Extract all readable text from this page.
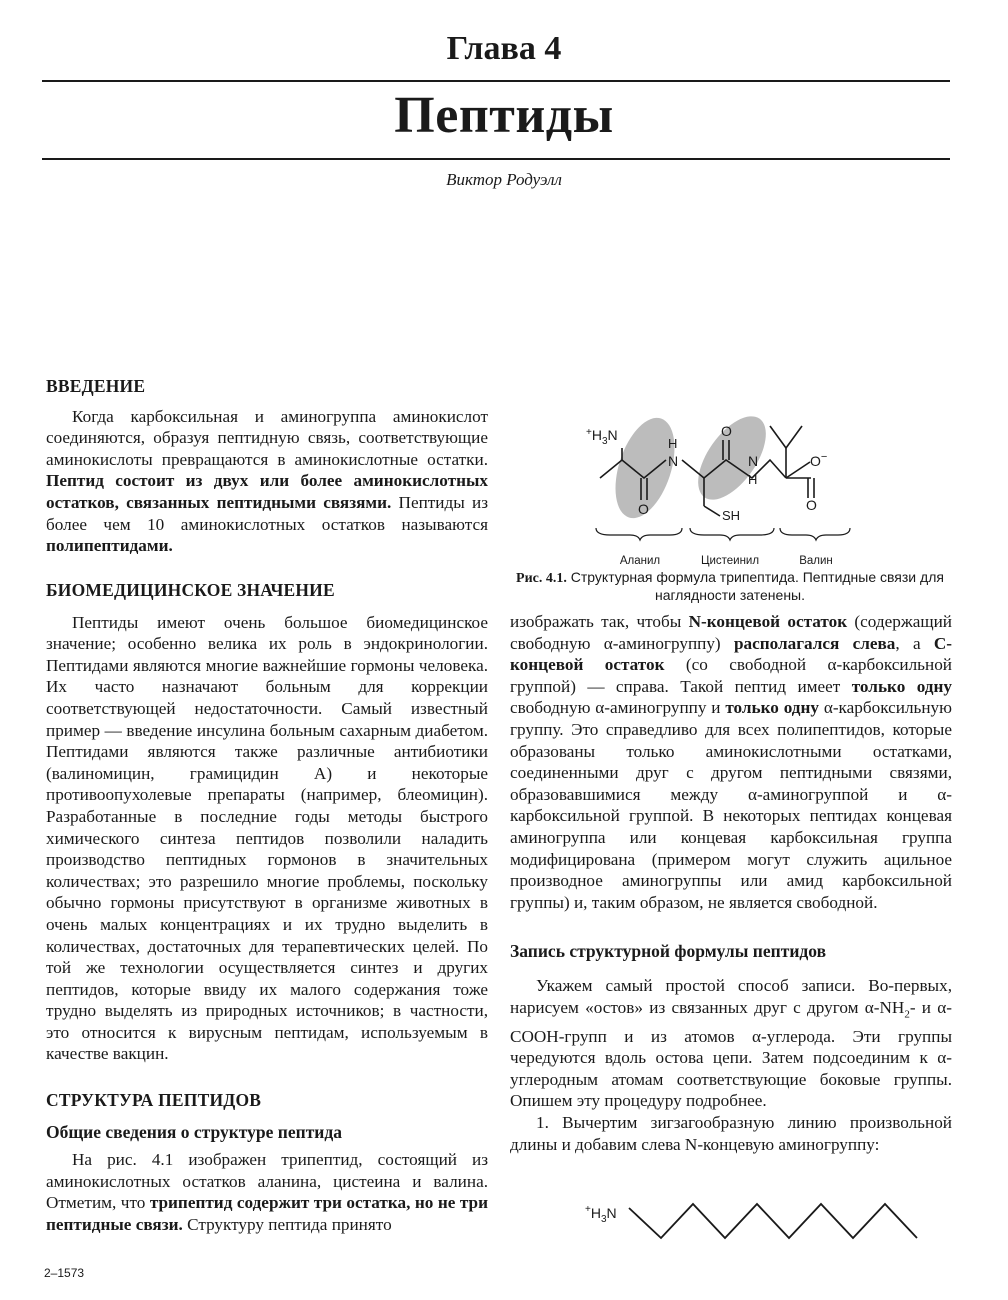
Глава 4
Пептиды
Виктор Родуэлл
ВВЕДЕНИЕ

Когда карбоксильная и аминогруппа аминокислот соединяются, образуя пептидную связь, соответствующие аминокислоты превращаются в аминокислотные остатки. Пептид состоит из двух или более аминокислотных остатков, связанных пептидными связями. Пептиды из более чем 10 аминокислотных остатков называются полипептидами.

БИОМЕДИЦИНСКОЕ ЗНАЧЕНИЕ

Пептиды имеют очень большое биомедицинское значение; особенно велика их роль в эндокринологии. Пептидами являются многие важнейшие гормоны человека. Их часто назначают больным для коррекции соответствующей недостаточности. Самый известный пример — введение инсулина больным сахарным диабетом. Пептидами являются также различные антибиотики (валиномицин, грамицидин А) и некоторые противоопухолевые препараты (например, блеомицин). Разработанные в последние годы методы быстрого химического синтеза пептидов позволили наладить производство пептидных гормонов в значительных количествах; это разрешило многие проблемы, поскольку обычно гормоны присутствуют в организме животных в очень малых концентрациях и их трудно выделить в количествах, достаточных для терапевтических целей. По той же технологии осуществляется синтез и других пептидов, которые ввиду их малого содержания тоже трудно выделять из природных источников; в частности, это относится к вирусным пептидам, используемым в качестве вакцин.

СТРУКТУРА ПЕПТИДОВ
Общие сведения о структуре пептида

На рис. 4.1 изображен трипептид, состоящий из аминокислотных остатков аланина, цистеина и валина. Отметим, что трипептид содержит три остатка, но не три пептидные связи. Структуру пептида принято

$^+H_3N$
N
H
O
O
N
H
SH
O
O−
Аланил	Цистеинил	Валин
Рис. 4.1. Структурная формула трипептида. Пептидные связи для наглядности затенены.

изображать так, чтобы N-концевой остаток (содержащий свободную α-аминогруппу) располагался слева, а С-концевой остаток (со свободной α-карбоксильной группой) — справа. Такой пептид имеет только одну свободную α-аминогруппу и только одну α-карбоксильную группу. Это справедливо для всех полипептидов, которые образованы только аминокислотными остатками, соединенными друг с другом пептидными связями, образовавшимися между α-аминогруппой и α-карбоксильной группой. В некоторых пептидах концевая аминогруппа или концевая карбоксильная группа модифицирована (примером могут служить ацильное производное аминогруппы или амид карбоксильной группы) и, таким образом, не является свободной.

Запись структурной формулы пептидов

Укажем самый простой способ записи. Во-первых, нарисуем «остов» из связанных друг с другом $\alpha-NH_2-$ и α-СООН-групп и из атомов α-углерода. Эти группы чередуются вдоль остова цепи. Затем подсоединим к α-углеродным атомам соответствующие боковые группы. Опишем эту процедуру подробнее.

1. Вычертим зигзагообразную линию произвольной длины и добавим слева N-концевую аминогруппу:

$^+H_3N$
2–1573
